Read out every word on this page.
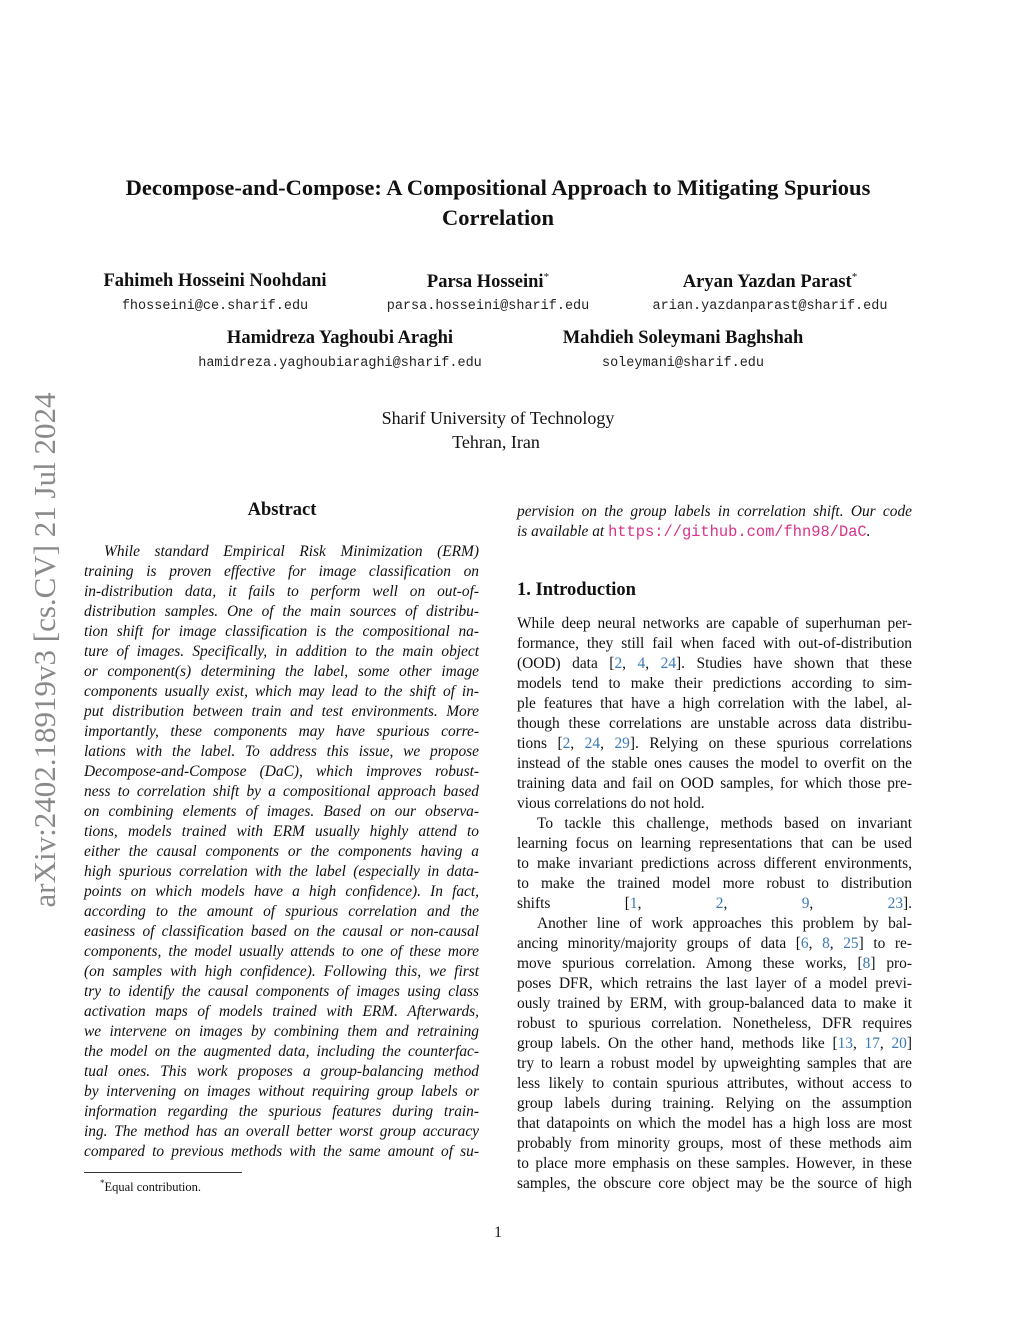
arXiv:2402.18919v3 [cs.CV] 21 Jul 2024
Decompose-and-Compose: A Compositional Approach to Mitigating Spurious
Correlation
Fahimeh Hosseini Noohdani
fhosseini@ce.sharif.edu
Parsa Hosseini*
parsa.hosseini@sharif.edu
Aryan Yazdan Parast*
arian.yazdanparast@sharif.edu
Hamidreza Yaghoubi Araghi
hamidreza.yaghoubiaraghi@sharif.edu
Mahdieh Soleymani Baghshah
soleymani@sharif.edu
Sharif University of Technology
Tehran, Iran
Abstract
While standard Empirical Risk Minimization (ERM)
training is proven effective for image classification on
in-distribution data, it fails to perform well on out-of-
distribution samples. One of the main sources of distribu-
tion shift for image classification is the compositional na-
ture of images. Specifically, in addition to the main object
or component(s) determining the label, some other image
components usually exist, which may lead to the shift of in-
put distribution between train and test environments. More
importantly, these components may have spurious corre-
lations with the label. To address this issue, we propose
Decompose-and-Compose (DaC), which improves robust-
ness to correlation shift by a compositional approach based
on combining elements of images. Based on our observa-
tions, models trained with ERM usually highly attend to
either the causal components or the components having a
high spurious correlation with the label (especially in data-
points on which models have a high confidence). In fact,
according to the amount of spurious correlation and the
easiness of classification based on the causal or non-causal
components, the model usually attends to one of these more
(on samples with high confidence). Following this, we first
try to identify the causal components of images using class
activation maps of models trained with ERM. Afterwards,
we intervene on images by combining them and retraining
the model on the augmented data, including the counterfac-
tual ones. This work proposes a group-balancing method
by intervening on images without requiring group labels or
information regarding the spurious features during train-
ing. The method has an overall better worst group accuracy
compared to previous methods with the same amount of su-
*Equal contribution.
pervision on the group labels in correlation shift. Our code
is available at https://github.com/fhn98/DaC.
1. Introduction
While deep neural networks are capable of superhuman per-
formance, they still fail when faced with out-of-distribution
(OOD) data [2, 4, 24]. Studies have shown that these
models tend to make their predictions according to sim-
ple features that have a high correlation with the label, al-
though these correlations are unstable across data distribu-
tions [2, 24, 29]. Relying on these spurious correlations
instead of the stable ones causes the model to overfit on the
training data and fail on OOD samples, for which those pre-
vious correlations do not hold.
To tackle this challenge, methods based on invariant
learning focus on learning representations that can be used
to make invariant predictions across different environments,
to make the trained model more robust to distribution
shifts [1, 2, 9, 23].
Another line of work approaches this problem by bal-
ancing minority/majority groups of data [6, 8, 25] to re-
move spurious correlation. Among these works, [8] pro-
poses DFR, which retrains the last layer of a model previ-
ously trained by ERM, with group-balanced data to make it
robust to spurious correlation. Nonetheless, DFR requires
group labels. On the other hand, methods like [13, 17, 20]
try to learn a robust model by upweighting samples that are
less likely to contain spurious attributes, without access to
group labels during training. Relying on the assumption
that datapoints on which the model has a high loss are most
probably from minority groups, most of these methods aim
to place more emphasis on these samples. However, in these
samples, the obscure core object may be the source of high
1
